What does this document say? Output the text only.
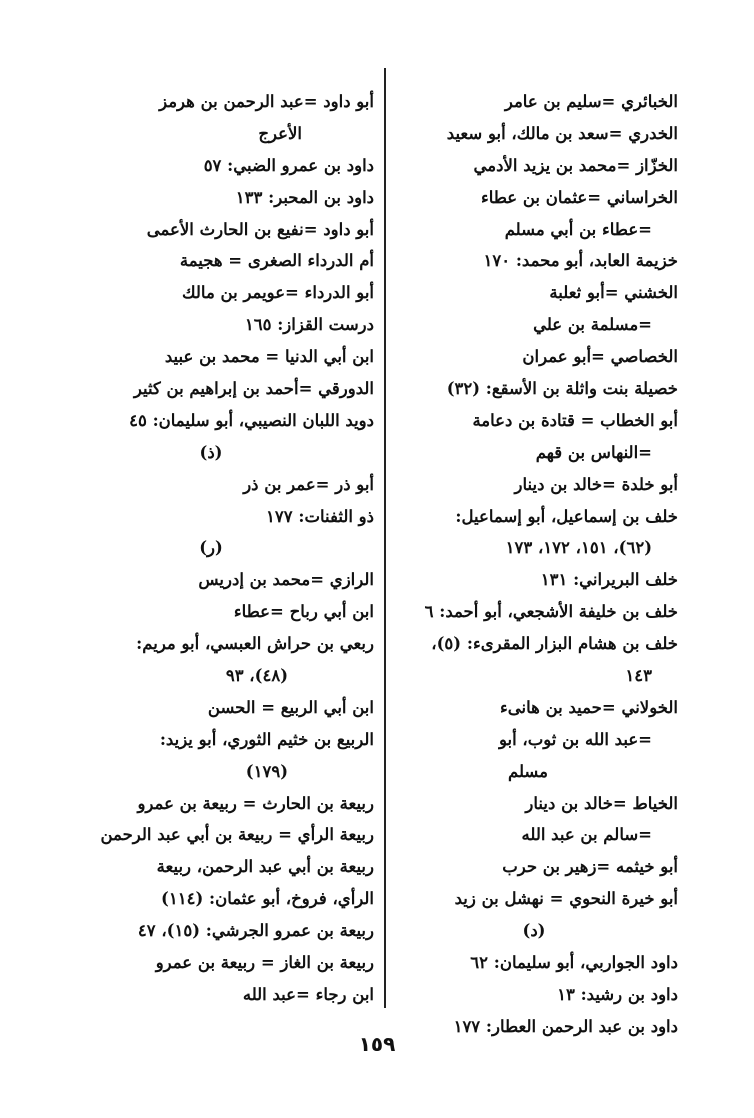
الخبائري =سليم بن عامر
الخدري =سعد بن مالك، أبو سعيد
الخزّاز =محمد بن يزيد الأدمي
الخراساني =عثمان بن عطاء
=عطاء بن أبي مسلم
خزيمة العابد، أبو محمد: ١٧٠
الخشني =أبو ثعلبة
=مسلمة بن علي
الخصاصي =أبو عمران
خصيلة بنت واثلة بن الأسقع: (٣٢)
أبو الخطاب = قتادة بن دعامة
=النهاس بن قهم
أبو خلدة =خالد بن دينار
خلف بن إسماعيل، أبو إسماعيل:
(٦٢)، ١٥١، ١٧٢، ١٧٣
خلف البريراني: ١٣١
خلف بن خليفة الأشجعي، أبو أحمد: ٦
خلف بن هشام البزار المقرىء: (٥)،
١٤٣
الخولاني =حميد بن هانىء
=عبد الله بن ثوب، أبو
مسلم
الخياط =خالد بن دينار
=سالم بن عبد الله
أبو خيثمه =زهير بن حرب
أبو خيرة النحوي = نهشل بن زيد
(د)
داود الجواربي، أبو سليمان: ٦٢
داود بن رشيد: ١٣
داود بن عبد الرحمن العطار: ١٧٧
أبو داود =عبد الرحمن بن هرمز
الأعرج
داود بن عمرو الضبي: ٥٧
داود بن المحبر: ١٣٣
أبو داود =نفيع بن الحارث الأعمى
أم الدرداء الصغرى = هجيمة
أبو الدرداء =عويمر بن مالك
درست القزاز: ١٦٥
ابن أبي الدنيا = محمد بن عبيد
الدورقي =أحمد بن إبراهيم بن كثير
دويد اللبان النصيبي، أبو سليمان: ٤٥
(ذ)
أبو ذر =عمر بن ذر
ذو الثفنات: ١٧٧
(ر)
الرازي =محمد بن إدريس
ابن أبي رباح =عطاء
ربعي بن حراش العبسي، أبو مريم:
(٤٨)، ٩٣
ابن أبي الربيع = الحسن
الربيع بن خثيم الثوري، أبو يزيد:
(١٧٩)
ربيعة بن الحارث = ربيعة بن عمرو
ربيعة الرأي = ربيعة بن أبي عبد الرحمن
ربيعة بن أبي عبد الرحمن، ربيعة
الرأي، فروخ، أبو عثمان: (١١٤)
ربيعة بن عمرو الجرشي: (١٥)، ٤٧
ربيعة بن الغاز = ربيعة بن عمرو
ابن رجاء =عبد الله
١٥٩
